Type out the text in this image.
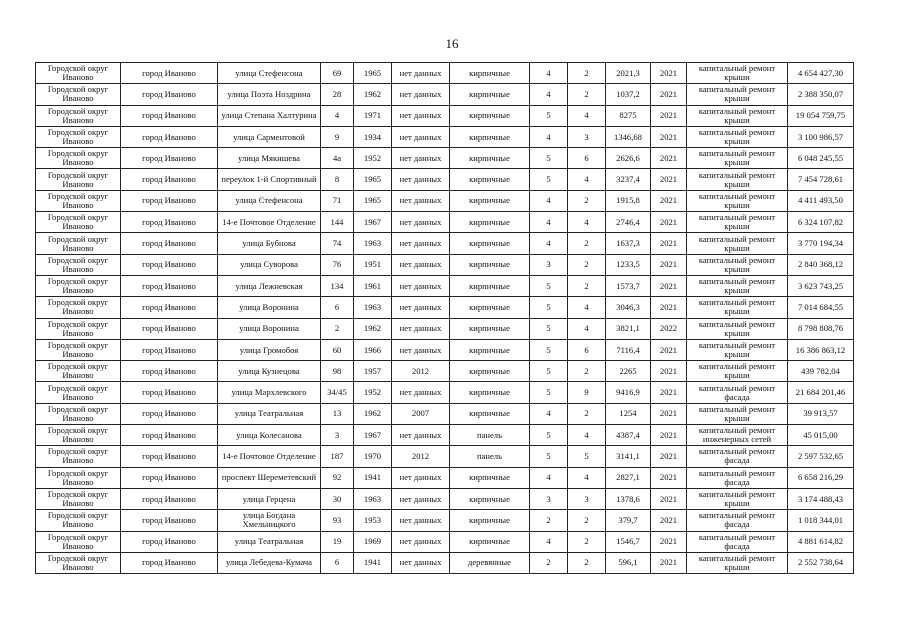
16
Городской округ Иваново	город Иваново	улица Стефенсона	69	1965	нет данных	кирпичные	4	2	2021,3	2021	капитальный ремонт крыши	4 654 427,30
Городской округ Иваново	город Иваново	улица Поэта Ноздрина	28	1962	нет данных	кирпичные	4	2	1037,2	2021	капитальный ремонт крыши	2 388 350,07
Городской округ Иваново	город Иваново	улица Степана Халтурина	4	1971	нет данных	кирпичные	5	4	8275	2021	капитальный ремонт крыши	19 054 759,75
Городской округ Иваново	город Иваново	улица Сарментовой	9	1934	нет данных	кирпичные	4	3	1346,68	2021	капитальный ремонт крыши	3 100 986,57
Городской округ Иваново	город Иваново	улица Мякишева	4а	1952	нет данных	кирпичные	5	6	2626,6	2021	капитальный ремонт крыши	6 048 245,55
Городской округ Иваново	город Иваново	переулок 1-й Спортивный	8	1965	нет данных	кирпичные	5	4	3237,4	2021	капитальный ремонт крыши	7 454 728,61
Городской округ Иваново	город Иваново	улица Стефенсона	71	1965	нет данных	кирпичные	4	2	1915,8	2021	капитальный ремонт крыши	4 411 493,50
Городской округ Иваново	город Иваново	14-е Почтовое Отделение	144	1967	нет данных	кирпичные	4	4	2746,4	2021	капитальный ремонт крыши	6 324 107,82
Городской округ Иваново	город Иваново	улица Бубнова	74	1963	нет данных	кирпичные	4	2	1637,3	2021	капитальный ремонт крыши	3 770 194,34
Городской округ Иваново	город Иваново	улица Суворова	76	1951	нет данных	кирпичные	3	2	1233,5	2021	капитальный ремонт крыши	2 840 368,12
Городской округ Иваново	город Иваново	улица Лежневская	134	1961	нет данных	кирпичные	5	2	1573,7	2021	капитальный ремонт крыши	3 623 743,25
Городской округ Иваново	город Иваново	улица Воронина	6	1963	нет данных	кирпичные	5	4	3046,3	2021	капитальный ремонт крыши	7 014 684,55
Городской округ Иваново	город Иваново	улица Воронина	2	1962	нет данных	кирпичные	5	4	3821,1	2022	капитальный ремонт крыши	8 798 808,76
Городской округ Иваново	город Иваново	улица Громобоя	60	1966	нет данных	кирпичные	5	6	7116,4	2021	капитальный ремонт крыши	16 386 863,12
Городской округ Иваново	город Иваново	улица Кузнецова	98	1957	2012	кирпичные	5	2	2265	2021	капитальный ремонт крыши	439 782,04
Городской округ Иваново	город Иваново	улица Мархлевского	34/45	1952	нет данных	кирпичные	5	9	9416,9	2021	капитальный ремонт фасада	21 684 201,46
Городской округ Иваново	город Иваново	улица Театральная	13	1962	2007	кирпичные	4	2	1254	2021	капитальный ремонт крыши	39 913,57
Городской округ Иваново	город Иваново	улица Колесанова	3	1967	нет данных	панель	5	4	4387,4	2021	капитальный ремонт инженерных сетей	45 015,00
Городской округ Иваново	город Иваново	14-е Почтовое Отделение	187	1970	2012	панель	5	5	3141,1	2021	капитальный ремонт фасада	2 597 532,65
Городской округ Иваново	город Иваново	проспект Шереметевский	92	1941	нет данных	кирпичные	4	4	2827,1	2021	капитальный ремонт фасада	6 658 216,29
Городской округ Иваново	город Иваново	улица Герцена	30	1963	нет данных	кирпичные	3	3	1378,6	2021	капитальный ремонт крыши	3 174 488,43
Городской округ Иваново	город Иваново	улица Богдана Хмельницкого	93	1953	нет данных	кирпичные	2	2	379,7	2021	капитальный ремонт фасада	1 018 344,01
Городской округ Иваново	город Иваново	улица Театральная	19	1969	нет данных	кирпичные	4	2	1546,7	2021	капитальный ремонт фасада	4 881 614,82
Городской округ Иваново	город Иваново	улица Лебедева-Кумача	6	1941	нет данных	деревянные	2	2	596,1	2021	капитальный ремонт крыши	2 552 738,64
